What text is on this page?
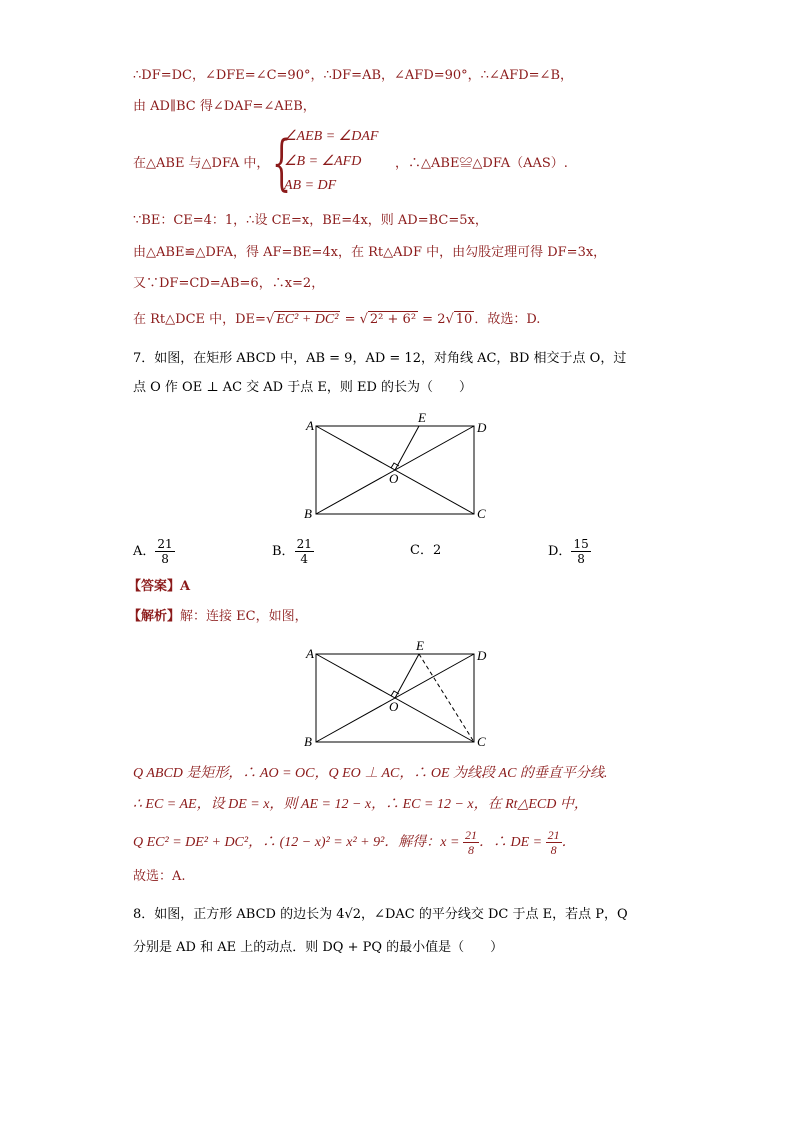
∴DF=DC，∠DFE=∠C=90°，∴DF=AB，∠AFD=90°，∴∠AFD=∠B，
由 AD∥BC 得∠DAF=∠AEB，
在△ABE 与△DFA 中， {
∠AEB = ∠DAF
∠B = ∠AFD
AB = DF
，∴△ABE≌△DFA（AAS）.
∵BE：CE=4：1，∴设 CE=x，BE=4x，则 AD=BC=5x，
由△ABE≌△DFA，得 AF=BE=4x，在 Rt△ADF 中，由勾股定理可得 DF=3x，
又∵DF=CD=AB=6，∴x=2，
在 Rt△DCE 中，DE=√ EC² + DC² = √ 2² + 6² = 2√ 10 ．故选：D.
7．如图，在矩形 ABCD 中，AB = 9，AD = 12，对角线 AC，BD 相交于点 O，过
点 O 作 OE ⊥ AC 交 AD 于点 E，则 ED 的长为（　　）
A
B	C
D
E
O
A． $\frac{21}{8}$	B． $\frac{21}{4}$	C．2	D． $\frac{15}{8}$
【答案】A
【解析】解：连接 EC，如图，
A
B	C
D
E
O
Q ABCD 是矩形，∴ AO = OC，Q EO ⊥ AC，∴ OE 为线段 AC 的垂直平分线.
∴ EC = AE，设 DE = x，则 AE = 12 − x，∴ EC = 12 − x，在 Rt△ECD 中，
Q EC² = DE² + DC²，∴ (12 − x)² = x² + 9²．解得：$x = \frac{21}{8}$ ．∴ DE = $\frac{21}{8}$ ．
故选：A.
8．如图，正方形 ABCD 的边长为 4√2，∠DAC 的平分线交 DC 于点 E，若点 P，Q
分别是 AD 和 AE 上的动点．则 DQ + PQ 的最小值是（　　）
